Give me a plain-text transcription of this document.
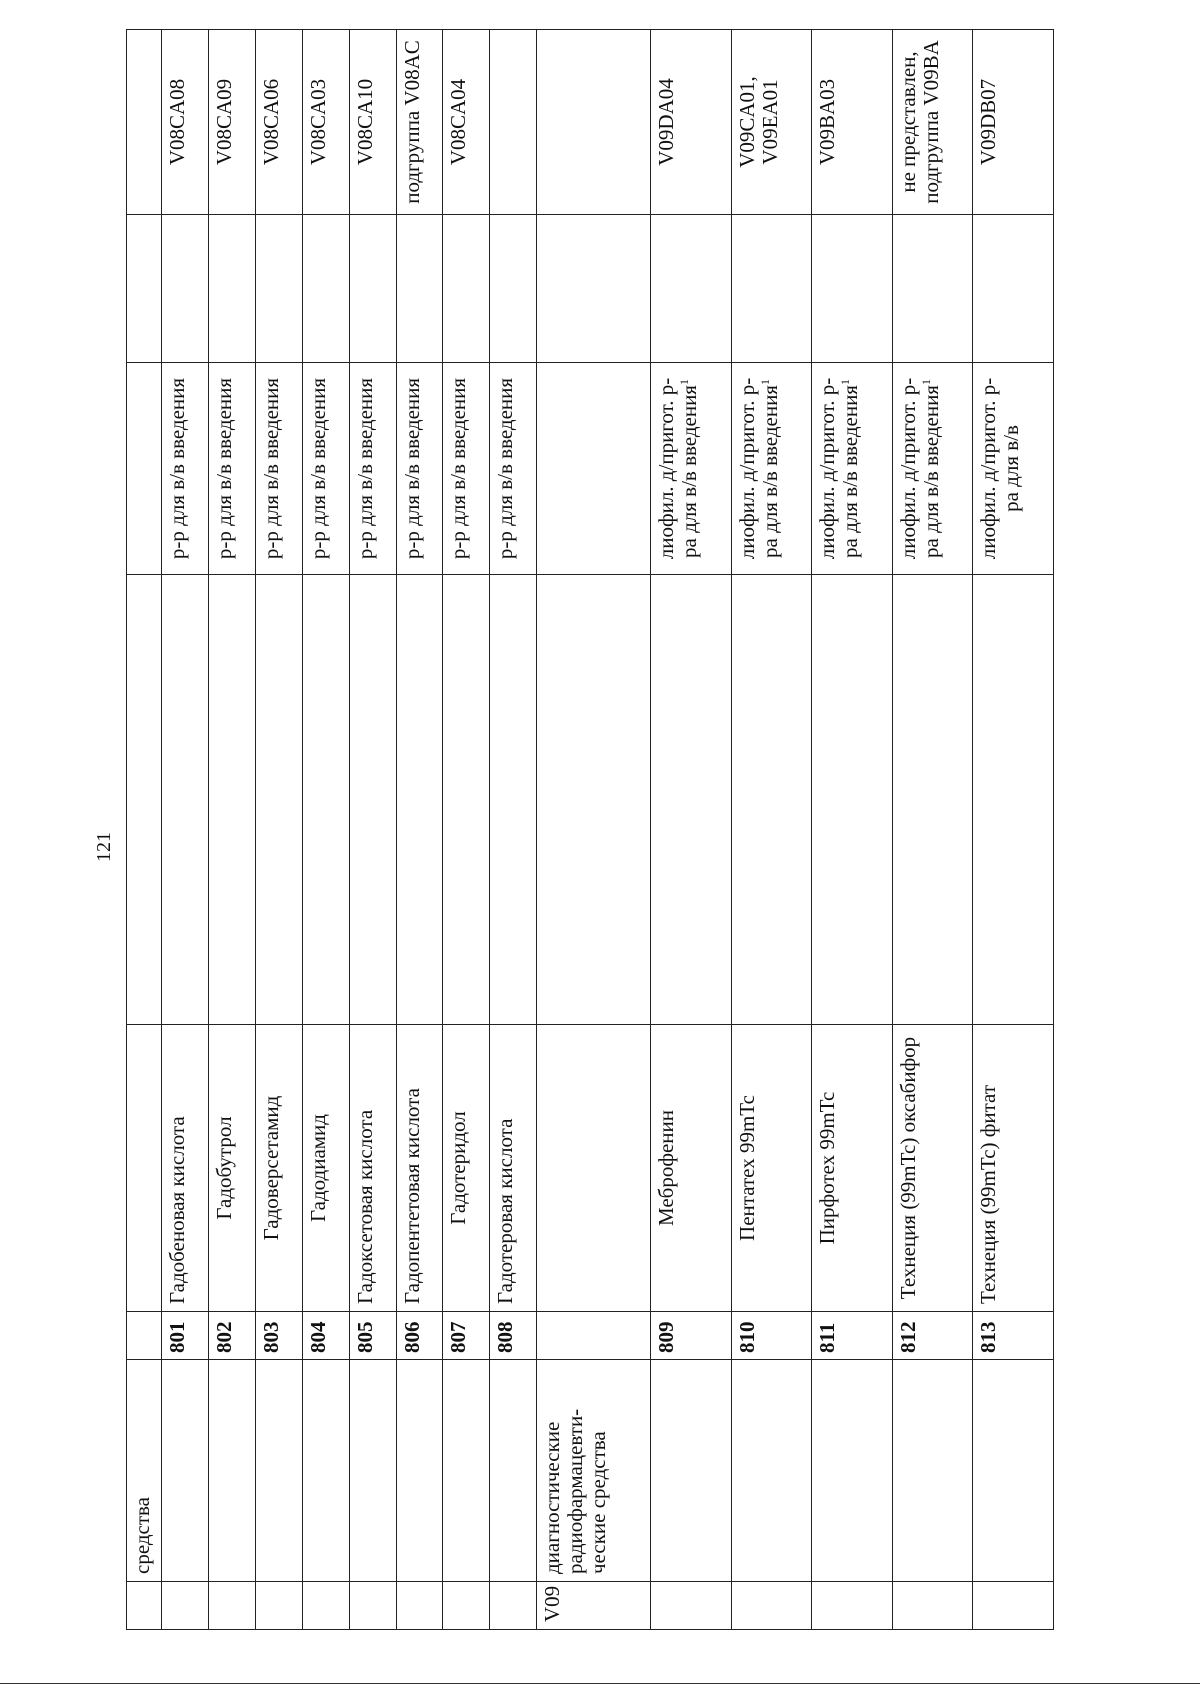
121
	средства						
		801	Гадобеновая кислота		р-р для в/в введения		V08CA08
		802	Гадобутрол		р-р для в/в введения		V08CA09
		803	Гадоверсетамид		р-р для в/в введения		V08CA06
		804	Гадодиамид		р-р для в/в введения		V08CA03
		805	Гадоксетовая кислота		р-р для в/в введения		V08CA10
		806	Гадопентетовая кислота		р-р для в/в введения		подгруппа V08AC
		807	Гадотеридол		р-р для в/в введения		V08CA04
		808	Гадотеровая кислота		р-р для в/в введения		
V09	диагностические радиофармацевти-ческие средства						
		809	Меброфенин		лиофил. д/пригот. р-ра для в/в введения$^1$		V09DA04
		810	Пентатех 99mTc		лиофил. д/пригот. р-ра для в/в введения$^1$		V09CA01, V09EA01
		811	Пирфотех 99mTc		лиофил. д/пригот. р-ра для в/в введения$^1$		V09BA03
		812	Технеция (99mTc) оксабифор		лиофил. д/пригот. р-ра для в/в введения$^1$		не представлен, подгруппа V09BA
		813	Технеция (99mTc) фитат		лиофил. д/пригот. р-ра для в/в		V09DB07
